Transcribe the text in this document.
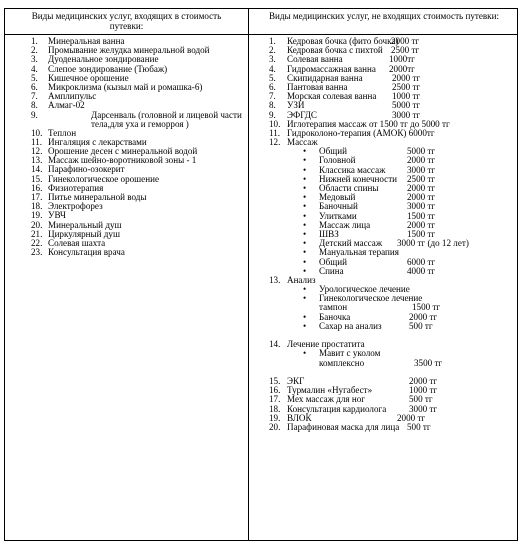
Виды медицинских услуг, входящих в стоимость путевки:
Виды медицинских услуг, не входящих стоимость путевки:
1.	Минеральная ванна
2.	Промывание желудка минеральной водой
3.	Дуоденальное зондирование
4.	Слепое зондирование (Тюбаж)
5.	Кишечное орошение
6.	Микроклизма (кызыл май и ромашка-6)
7.	Амплипульс
8.	Алмаг-02
9.	Дарсенваль (головной и лицевой части тела,для уха и геморроя )
10. Теплон
11. Ингаляция с лекарствами
12. Орошение десен с минеральной водой
13. Массаж шейно-воротниковой зоны - 1
14. Парафино-озокерит
15. Гинекологическое орошение
16. Физиотерапия
17. Питье минеральной воды
18. Электрофорез
19. УВЧ
20. Минеральный душ
21. Циркулярный душ
22. Солевая шахта
23. Консультация врача
1.	Кедровая бочка (фито бочка)
2000 тг
2.	Кедровая бочка с пихтой 2500 тг
3.	Солевая ванна	1000тг
4.	Гидромассажная ванна 2000тг
5.	Скипидарная ванна	2000 тг
6.	Пантовая ванна	2500 тг
7.	Морская солевая ванна 1000 тг
8.	УЗИ	5000 тг
9.	ЭФГДС	3000 тг
10. Иглотерапия массаж от 1500 тг до 5000 тг
11. Гидроколоно-терапия (АМОК) 6000тг
12. Массаж
• Общий	5000 тг
• Головной	2000 тг
• Классика массаж 3000 тг
• Нижней конечности 2500 тг
• Области спины	2000 тг
• Медовый	2000 тг
• Баночный	3000 тг
• Улитками	1500 тг
• Массаж лица	2000 тг
• ШВЗ	1500 тг
• Детский массаж 3000 тг (до 12 лет)
• Мануальная терапия
• Общий	6000 тг
• Спина	4000 тг
13. Анализ
• Урологическое лечение
• Гинекологическое лечение
тампон	1500 тг
• Баночка	2000 тг
• Сахар на анализ	500 тг
14. Лечение простатита
• Мавит с уколом
комплексно	3500 тг
15. ЭКГ	2000 тг
16. Турмалин «Нугабест»	1000 тг
17. Мех массаж для ног	500 тг
18. Консультация кардиолога 3000 тг
19. ВЛОК	2000 тг
20. Парафиновая маска для лица 500 тг
